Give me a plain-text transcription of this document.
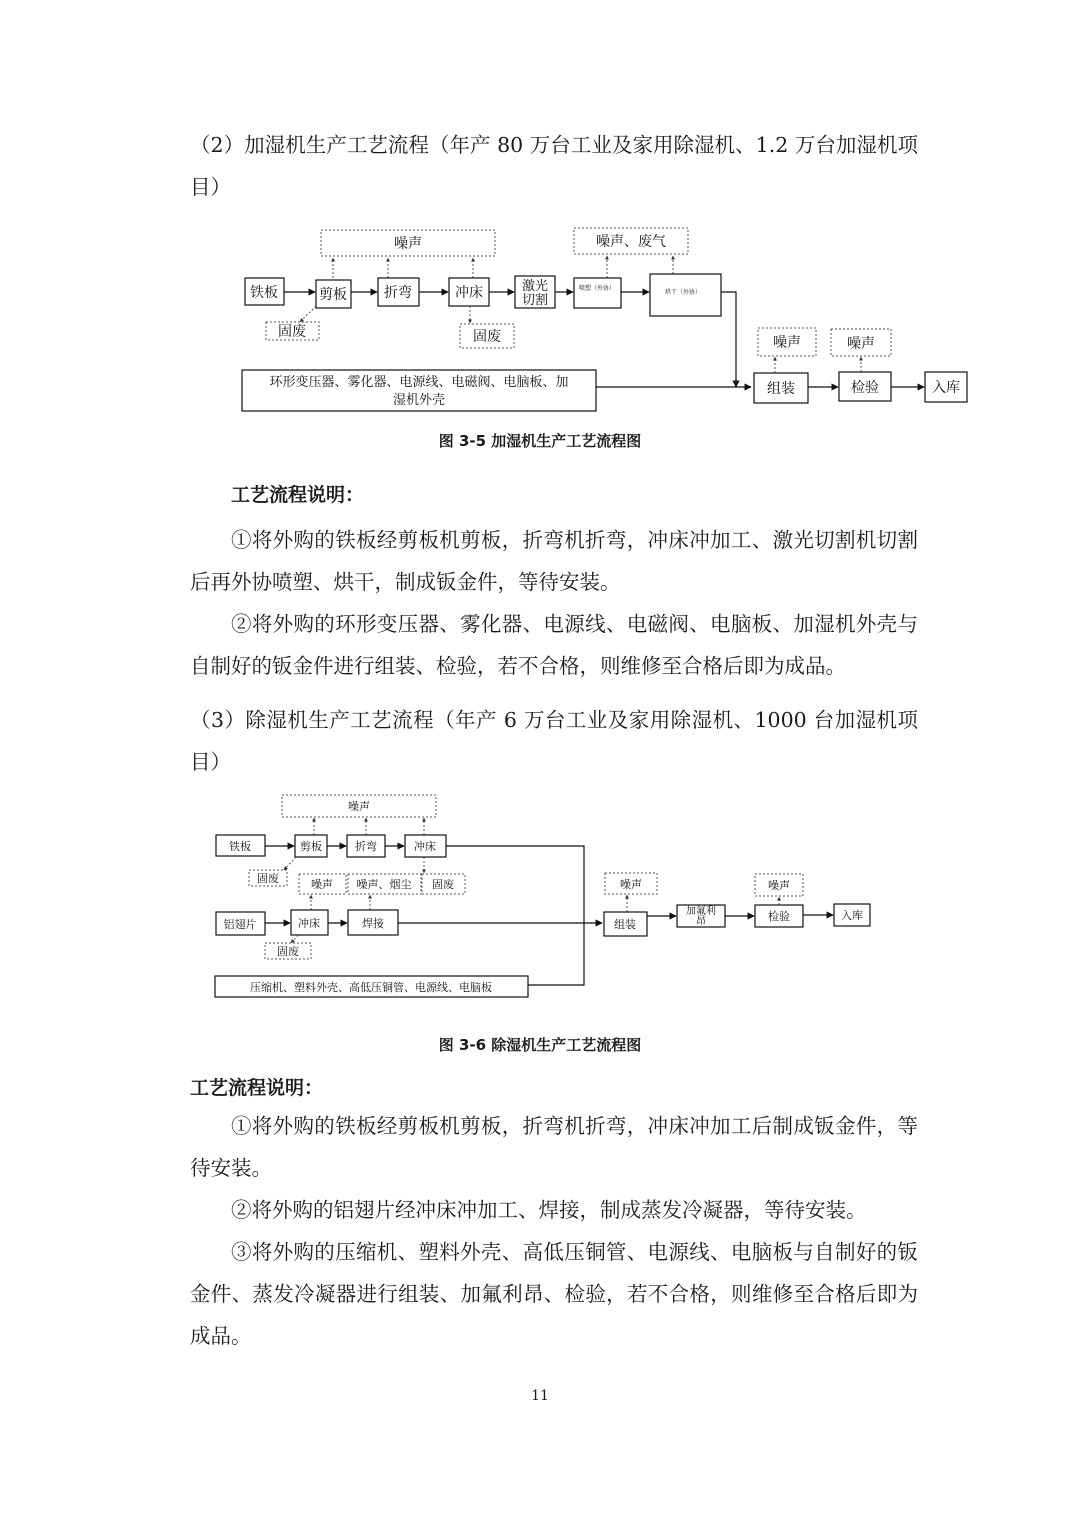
（2）加湿机生产工艺流程（年产 80 万台工业及家用除湿机、1.2 万台加湿机项目）

噪声	噪声、废气
铁板	剪板	折弯	冲床	激光
切割
喷塑（外协）
烘干（外协）
固废	固废
环形变压器、雾化器、电源线、电磁阀、电脑板、加
湿机外壳
噪声	噪声
组装	检验	入库

图 3-5 加湿机生产工艺流程图

工艺流程说明：

①将外购的铁板经剪板机剪板，折弯机折弯，冲床冲加工、激光切割机切割后再外协喷塑、烘干，制成钣金件，等待安装。

②将外购的环形变压器、雾化器、电源线、电磁阀、电脑板、加湿机外壳与自制好的钣金件进行组装、检验，若不合格，则维修至合格后即为成品。

（3）除湿机生产工艺流程（年产 6 万台工业及家用除湿机、1000 台加湿机项目）

噪声
铁板	剪板	折弯	冲床
固废	噪声 噪声、烟尘 固废
铝翅片	冲床	焊接
固废
压缩机、塑料外壳、高低压铜管、电源线、电脑板
噪声	噪声
组装
加氟利
昂	检验	入库

图 3-6 除湿机生产工艺流程图

工艺流程说明：

①将外购的铁板经剪板机剪板，折弯机折弯，冲床冲加工后制成钣金件，等待安装。

②将外购的铝翅片经冲床冲加工、焊接，制成蒸发冷凝器，等待安装。

③将外购的压缩机、塑料外壳、高低压铜管、电源线、电脑板与自制好的钣金件、蒸发冷凝器进行组装、加氟利昂、检验，若不合格，则维修至合格后即为成品。

11
